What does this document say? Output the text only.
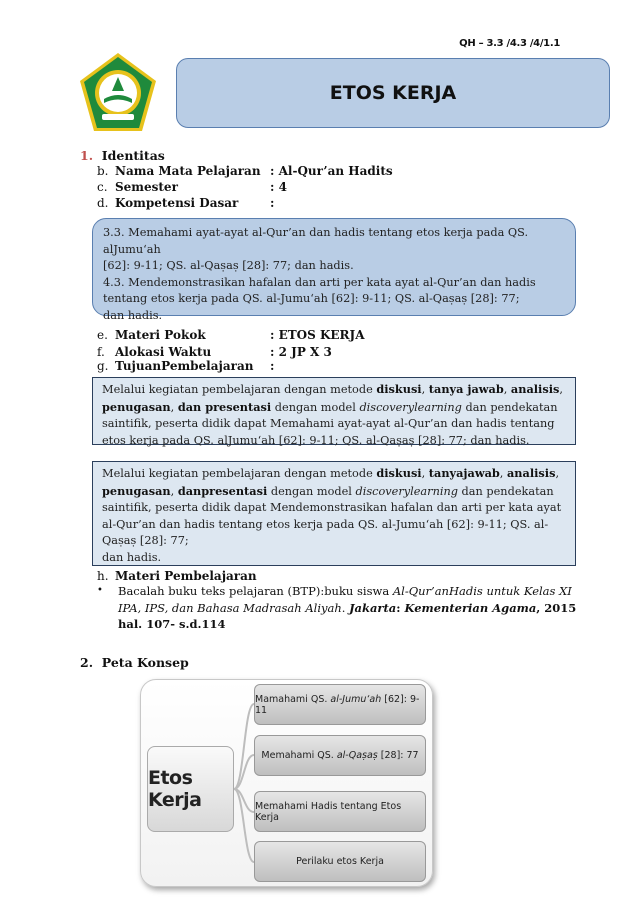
QH – 3.3 /4.3 /4/1.1
ETOS KERJA
1. Identitas
b. Nama Mata Pelajaran : Al-Qur’an Hadits
c. Semester	: 4
d. Kompetensi Dasar	:
3.3. Memahami ayat-ayat al-Qur’an dan hadis tentang etos kerja pada QS. alJumu‘ah
[62]: 9-11; QS. al-Qaṣaṣ [28]: 77; dan hadis.
4.3. Mendemonstrasikan hafalan dan arti per kata ayat al-Qur’an dan hadis
tentang etos kerja pada QS. al-Jumu‘ah [62]: 9-11; QS. al-Qaṣaṣ [28]: 77;
dan hadis.
e. Materi Pokok	: ETOS KERJA
f. Alokasi Waktu	: 2 JP X 3
g. TujuanPembelajaran	:
Melalui kegiatan pembelajaran dengan metode diskusi, tanya jawab, analisis, penugasan, dan presentasi dengan model discoverylearning dan pendekatan saintifik, peserta didik dapat Memahami ayat-ayat al-Qur’an dan hadis tentang etos kerja pada QS. alJumu‘ah [62]: 9-11; QS. al-Qaṣaṣ [28]: 77; dan hadis.
Melalui kegiatan pembelajaran dengan metode diskusi, tanyajawab, analisis, penugasan, danpresentasi dengan model discoverylearning dan pendekatan saintifik, peserta didik dapat Mendemonstrasikan hafalan dan arti per kata ayat al-Qur’an dan hadis tentang etos kerja pada QS. al-Jumu‘ah [62]: 9-11; QS. al-Qaṣaṣ [28]: 77;
dan hadis.
h. Materi Pembelajaran
• Bacalah buku teks pelajaran (BTP):buku siswa Al-Qur’anHadis untuk Kelas XI IPA, IPS, dan Bahasa Madrasah Aliyah. Jakarta: Kementerian Agama, 2015 hal. 107- s.d.114
2. Peta Konsep
Etos Kerja
Mamahami QS. al-Jumu‘ah [62]: 9-11
Memahami QS. al-Qaṣaṣ [28]: 77
Memahami Hadis tentang Etos Kerja
Perilaku etos Kerja
